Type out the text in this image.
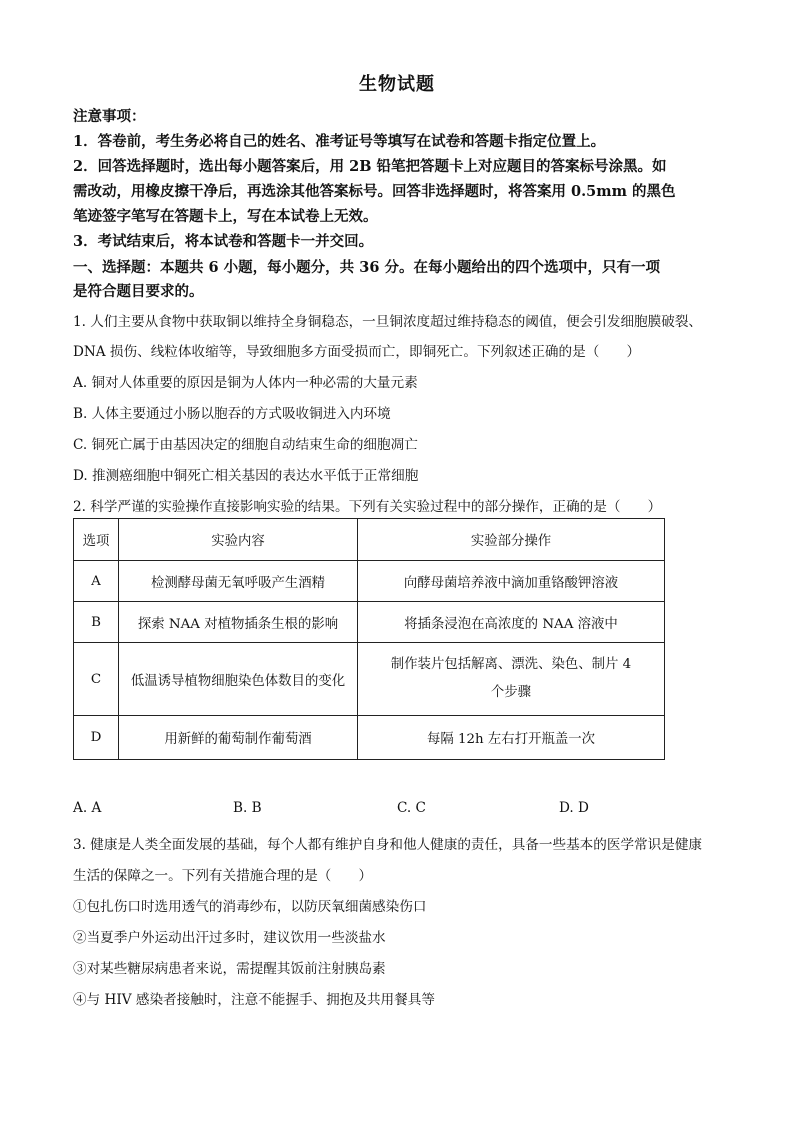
生物试题
注意事项：
1．答卷前，考生务必将自己的姓名、准考证号等填写在试卷和答题卡指定位置上。
2．回答选择题时，选出每小题答案后，用 2B 铅笔把答题卡上对应题目的答案标号涂黑。如
需改动，用橡皮擦干净后，再选涂其他答案标号。回答非选择题时，将答案用 0.5mm 的黑色
笔迹签字笔写在答题卡上，写在本试卷上无效。
3．考试结束后，将本试卷和答题卡一并交回。
一、选择题：本题共 6 小题，每小题分，共 36 分。在每小题给出的四个选项中，只有一项
是符合题目要求的。
1. 人们主要从食物中获取铜以维持全身铜稳态，一旦铜浓度超过维持稳态的阈值，便会引发细胞膜破裂、
DNA 损伤、线粒体收缩等，导致细胞多方面受损而亡，即铜死亡。下列叙述正确的是（　　）
A. 铜对人体重要的原因是铜为人体内一种必需的大量元素
B. 人体主要通过小肠以胞吞的方式吸收铜进入内环境
C. 铜死亡属于由基因决定的细胞自动结束生命的细胞凋亡
D. 推测癌细胞中铜死亡相关基因的表达水平低于正常细胞
2. 科学严谨的实验操作直接影响实验的结果。下列有关实验过程中的部分操作，正确的是（　　）
选项	实验内容	实验部分操作
A	检测酵母菌无氧呼吸产生酒精	向酵母菌培养液中滴加重铬酸钾溶液
B	探索 NAA 对植物插条生根的影响	将插条浸泡在高浓度的 NAA 溶液中
C	低温诱导植物细胞染色体数目的变化	制作装片包括解离、漂洗、染色、制片 4 个步骤
D	用新鲜的葡萄制作葡萄酒	每隔 12h 左右打开瓶盖一次
A. A	B. B	C. C	D. D
3. 健康是人类全面发展的基础，每个人都有维护自身和他人健康的责任，具备一些基本的医学常识是健康
生活的保障之一。下列有关措施合理的是（　　）
①包扎伤口时选用透气的消毒纱布，以防厌氧细菌感染伤口
②当夏季户外运动出汗过多时，建议饮用一些淡盐水
③对某些糖尿病患者来说，需提醒其饭前注射胰岛素
④与 HIV 感染者接触时，注意不能握手、拥抱及共用餐具等
